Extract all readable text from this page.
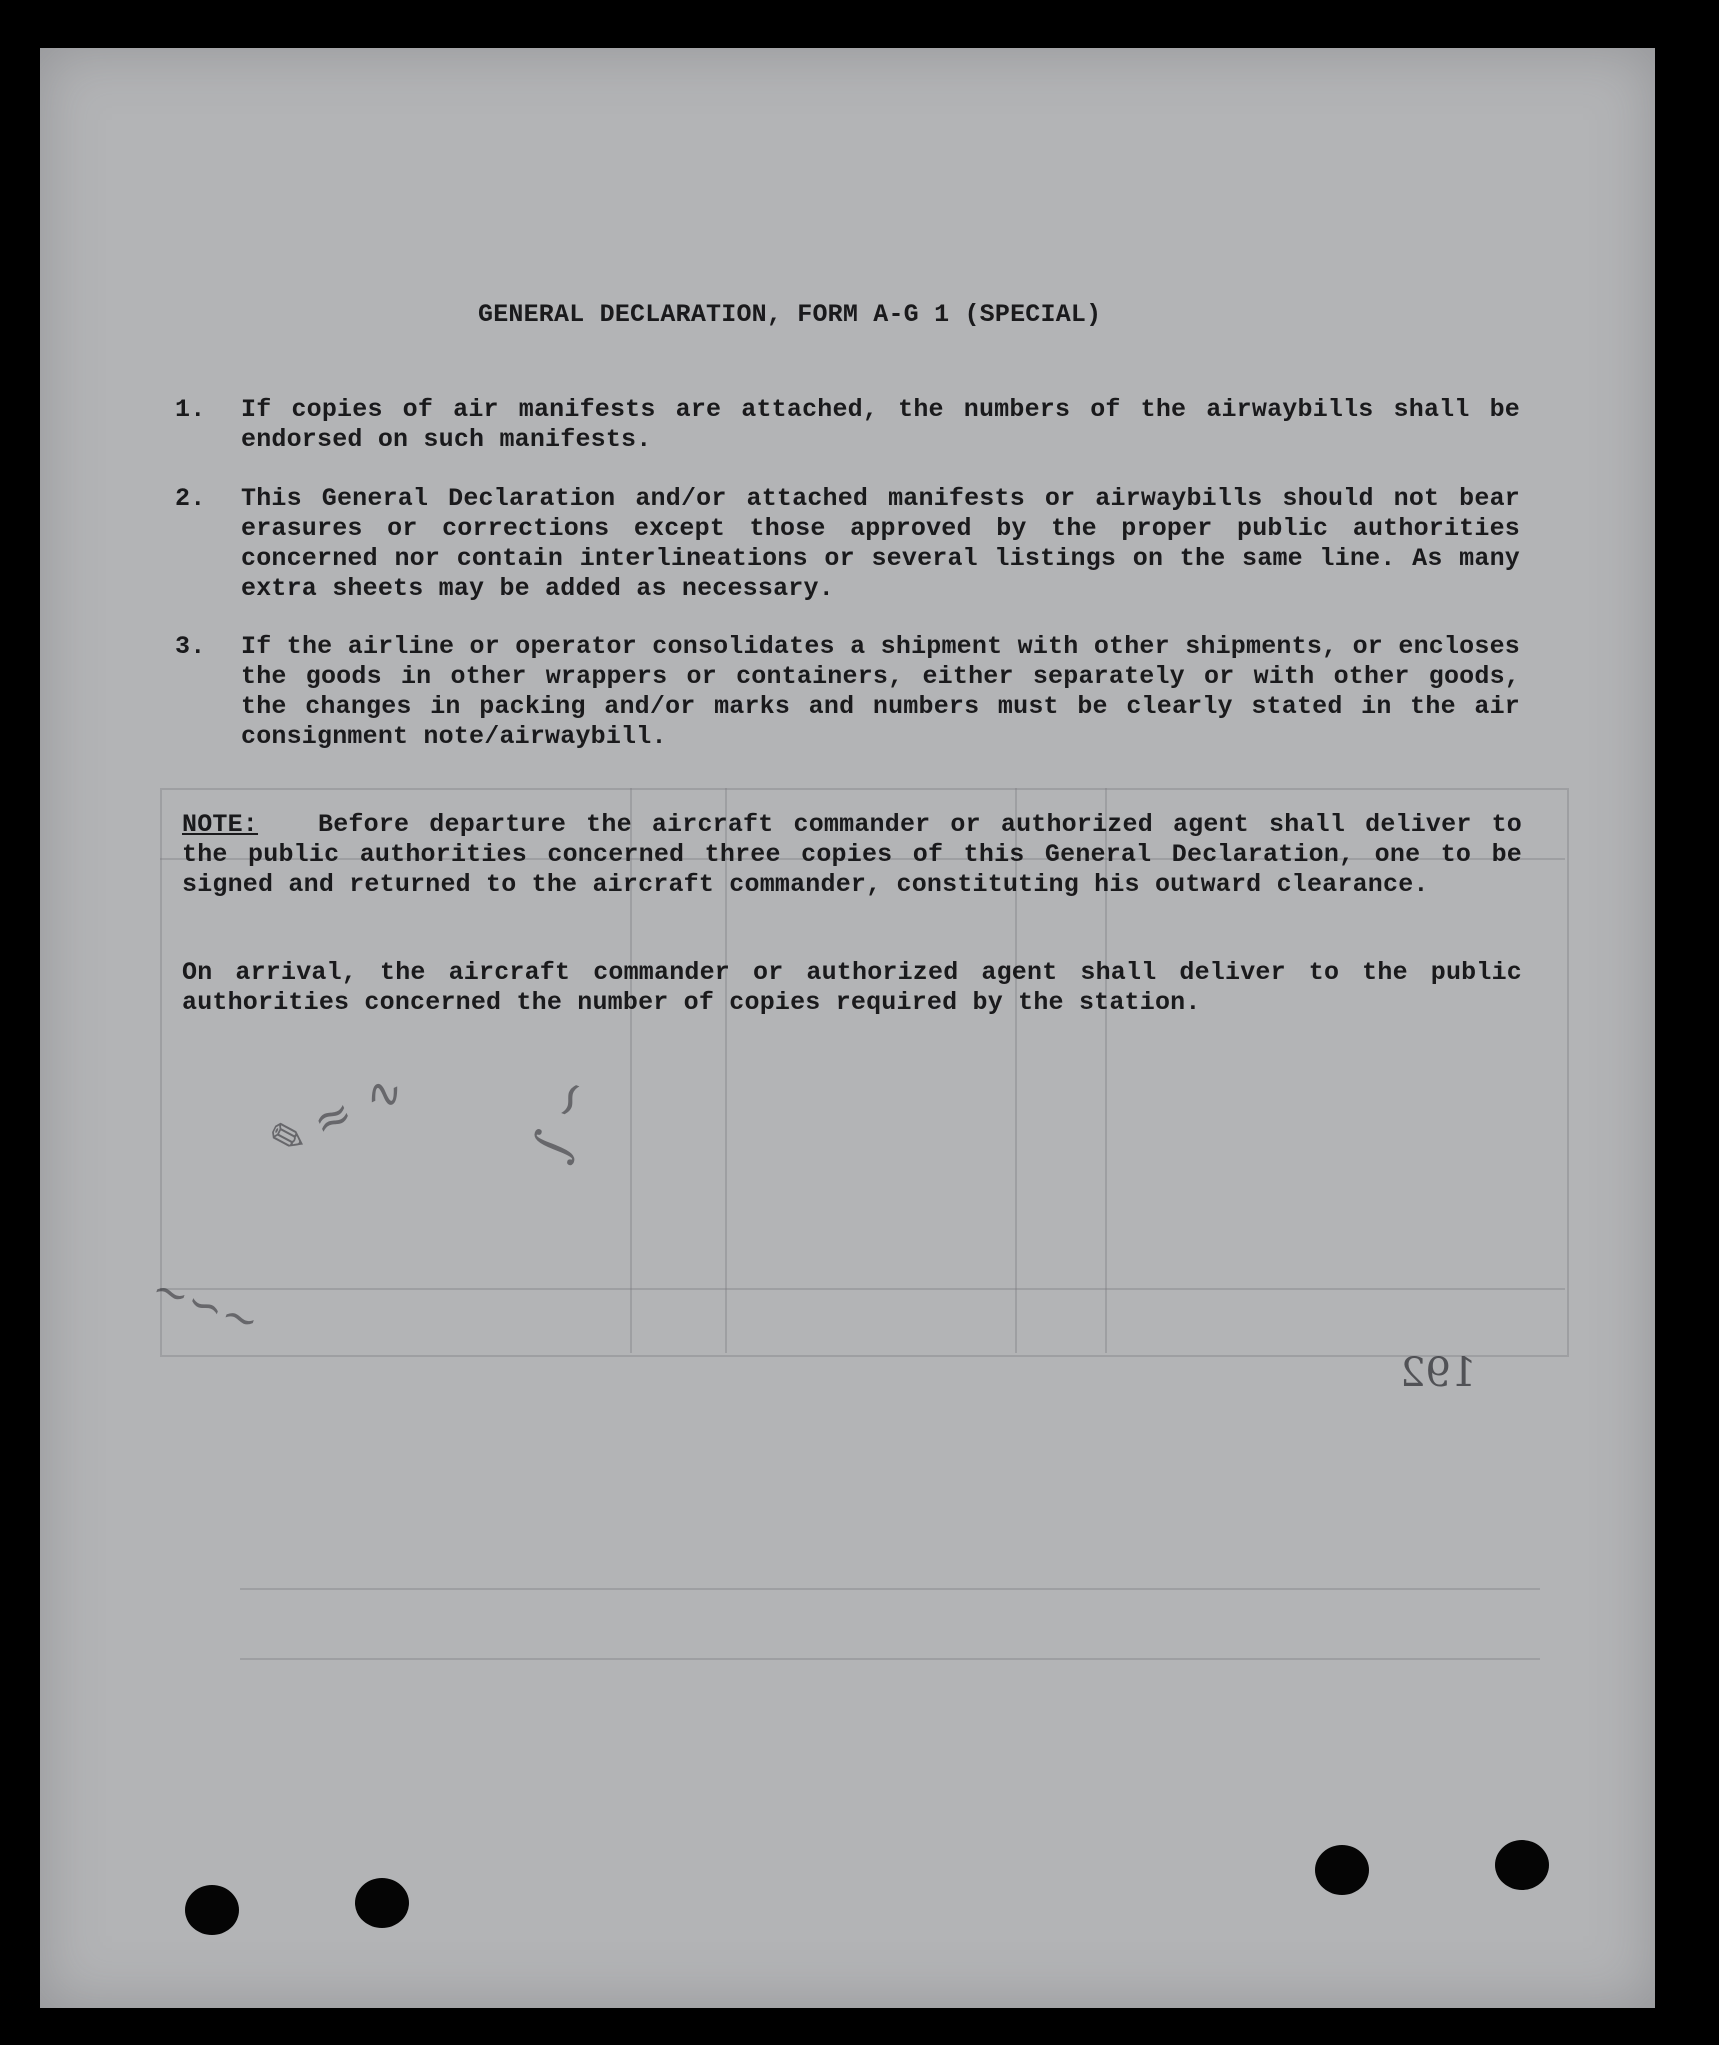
GENERAL DECLARATION, FORM A-G 1 (SPECIAL)
1.	If copies of air manifests are attached, the numbers of the airwaybills shall be endorsed on such manifests.
2.	This General Declaration and/or attached manifests or airwaybills should not bear erasures or corrections except those approved by the proper public authorities concerned nor contain interlineations or several listings on the same line. As many extra sheets may be added as necessary.
3.	If the airline or operator consolidates a shipment with other shipments, or encloses the goods in other wrappers or containers, either separately or with other goods, the changes in packing and/or marks and numbers must be clearly stated in the air consignment note/airwaybill.
NOTE: Before departure the aircraft commander or authorized agent shall deliver to the public authorities concerned three copies of this General Declaration, one to be signed and returned to the aircraft commander, constituting his outward clearance.
On arrival, the aircraft commander or authorized agent shall deliver to the public authorities concerned the number of copies required by the station.
✎ ≈ ∿ ∫ ∽
∼∽∼
192
